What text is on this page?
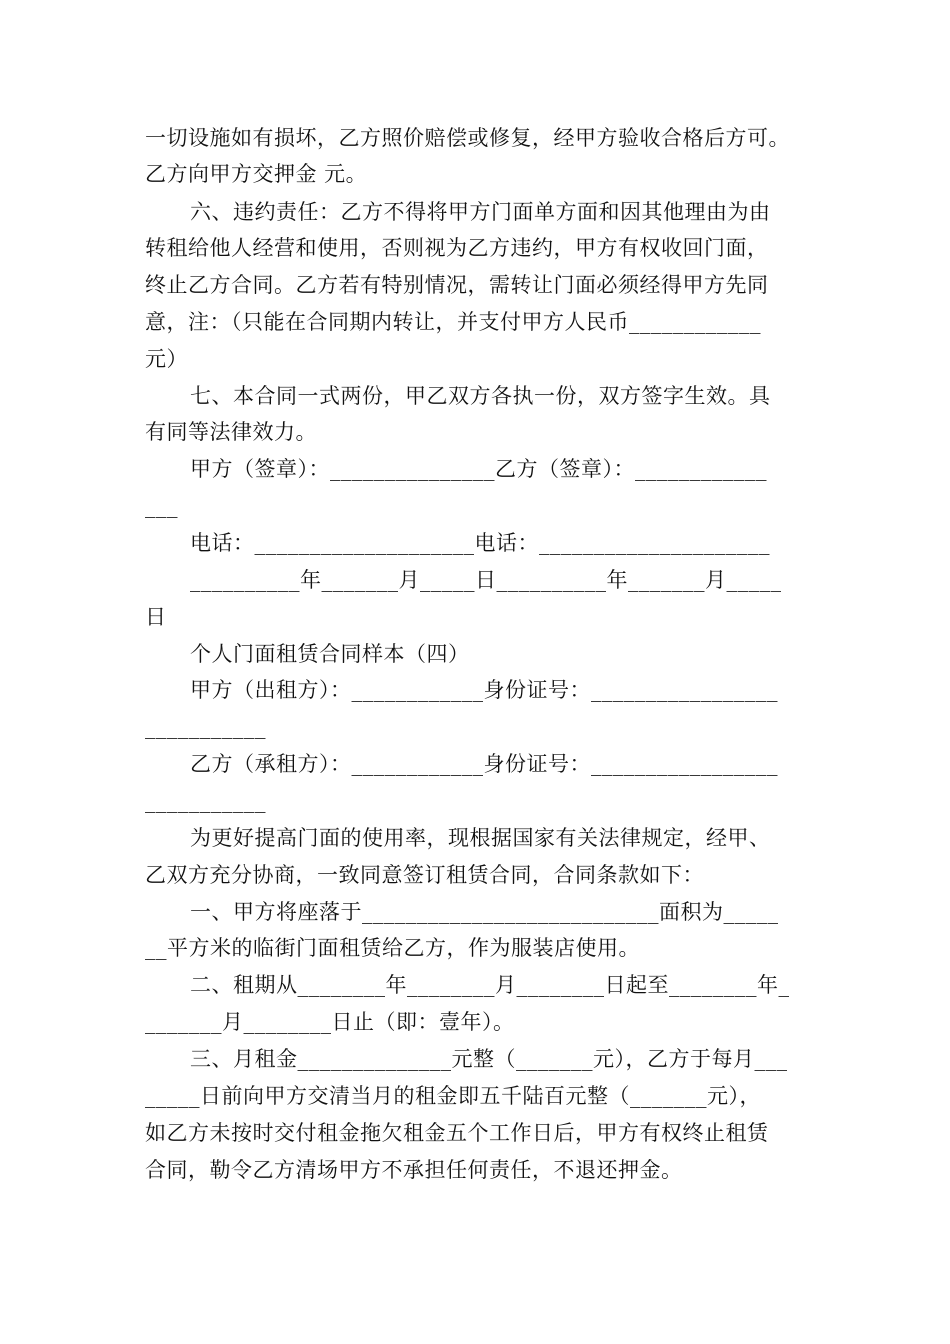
一切设施如有损坏，乙方照价赔偿或修复，经甲方验收合格后方可。
乙方向甲方交押金 元。
六、违约责任：乙方不得将甲方门面单方面和因其他理由为由
转租给他人经营和使用，否则视为乙方违约，甲方有权收回门面，
终止乙方合同。乙方若有特别情况，需转让门面必须经得甲方先同
意，注：（只能在合同期内转让，并支付甲方人民币____________
元）
七、本合同一式两份，甲乙双方各执一份，双方签字生效。具
有同等法律效力。
甲方（签章）：_______________乙方（签章）：____________
___
电话：____________________电话：_____________________
__________年_______月_____日__________年_______月_____
日
个人门面租赁合同样本（四）
甲方（出租方）：____________身份证号：_________________
___________
乙方（承租方）：____________身份证号：_________________
___________
为更好提高门面的使用率，现根据国家有关法律规定，经甲、
乙双方充分协商，一致同意签订租赁合同，合同条款如下：
一、甲方将座落于___________________________面积为_____
__平方米的临街门面租赁给乙方，作为服装店使用。
二、租期从________年________月________日起至________年_
_______月________日止（即：壹年）。
三、月租金______________元整（_______元），乙方于每月___
_____日前向甲方交清当月的租金即五千陆百元整（_______元），
如乙方未按时交付租金拖欠租金五个工作日后，甲方有权终止租赁
合同，勒令乙方清场甲方不承担任何责任，不退还押金。
